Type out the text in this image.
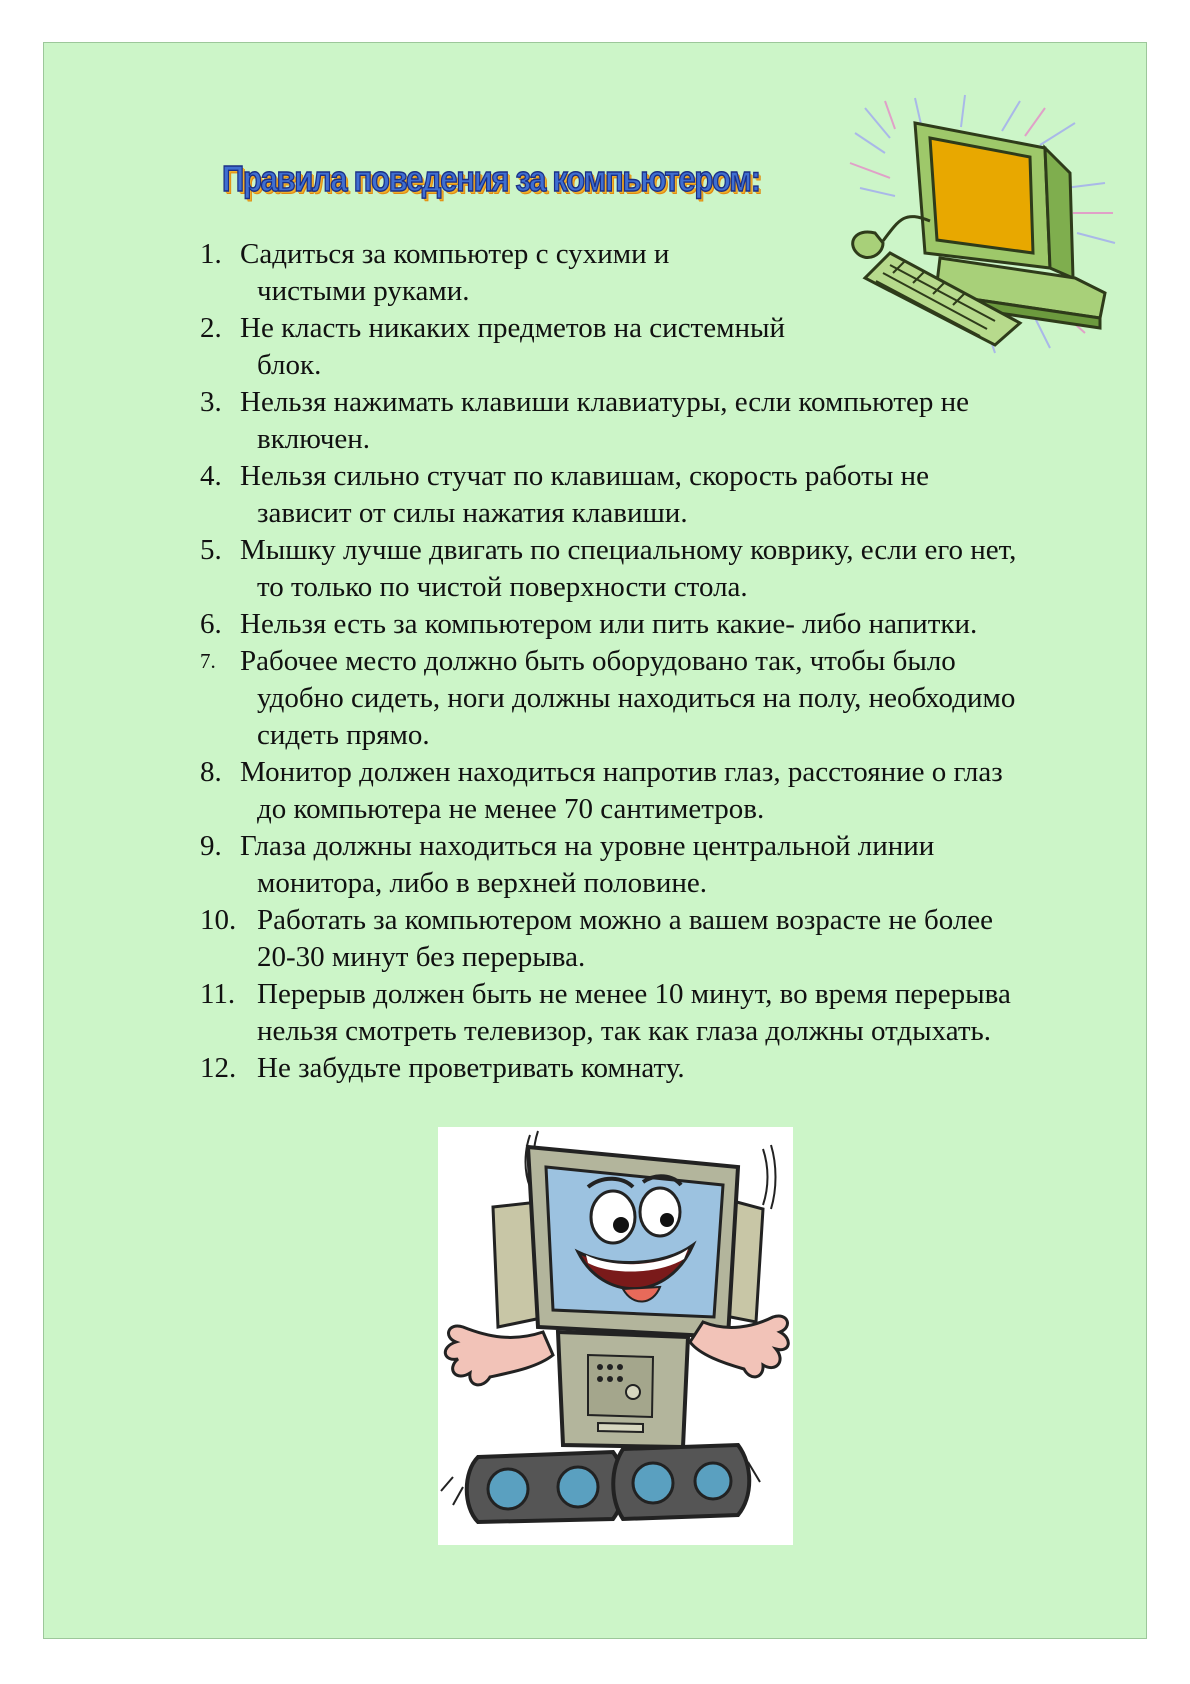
Правила поведения за компьютером:
1. Садиться за компьютер с сухими и
чистыми руками.
2. Не класть никаких предметов на системный
блок.
3. Нельзя нажимать клавиши клавиатуры, если компьютер не
включен.
4. Нельзя сильно стучат по клавишам, скорость работы не
зависит от силы нажатия клавиши.
5. Мышку лучше двигать по специальному коврику, если его нет,
то только по чистой поверхности стола.
6. Нельзя есть за компьютером или пить какие- либо напитки.
7. Рабочее место должно быть оборудовано так, чтобы было
удобно сидеть, ноги должны находиться на полу, необходимо
сидеть прямо.
8. Монитор должен находиться напротив глаз, расстояние о глаз
до компьютера не менее 70 сантиметров.
9. Глаза должны находиться на уровне центральной линии
монитора, либо в верхней половине.
10. Работать за компьютером можно а вашем возрасте не более
20-30 минут без перерыва.
11. Перерыв должен быть не менее 10 минут, во время перерыва
нельзя смотреть телевизор, так как глаза должны отдыхать.
12. Не забудьте проветривать комнату.
